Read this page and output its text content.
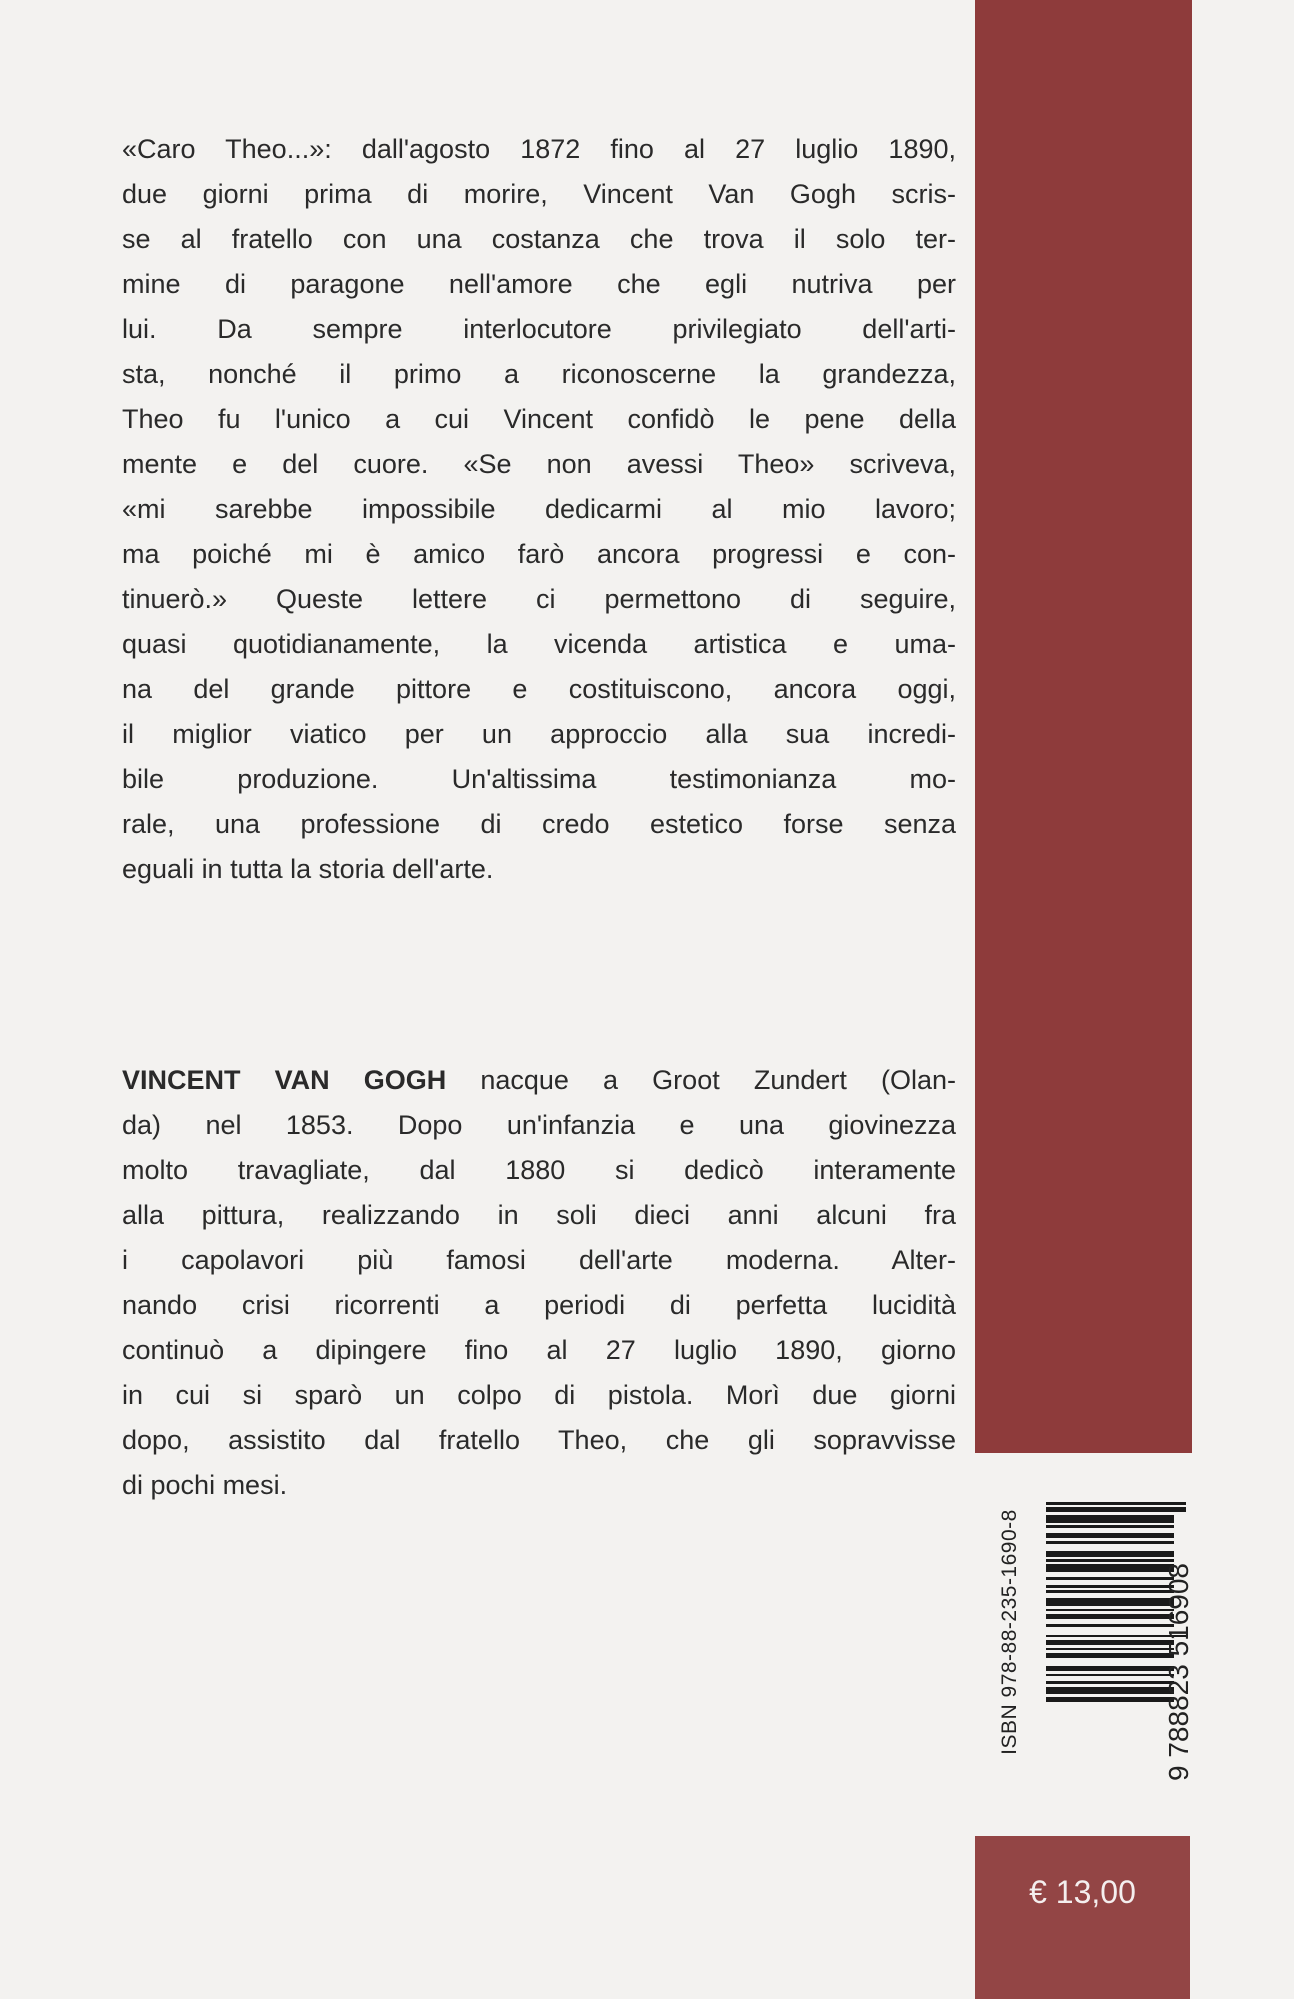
«Caro Theo...»: dall'agosto 1872 fino al 27 luglio 1890,
due giorni prima di morire, Vincent Van Gogh scris-
se al fratello con una costanza che trova il solo ter-
mine di paragone nell'amore che egli nutriva per
lui. Da sempre interlocutore privilegiato dell'arti-
sta, nonché il primo a riconoscerne la grandezza,
Theo fu l'unico a cui Vincent confidò le pene della
mente e del cuore. «Se non avessi Theo» scriveva,
«mi sarebbe impossibile dedicarmi al mio lavoro;
ma poiché mi è amico farò ancora progressi e con-
tinuerò.» Queste lettere ci permettono di seguire,
quasi quotidianamente, la vicenda artistica e uma-
na del grande pittore e costituiscono, ancora oggi,
il miglior viatico per un approccio alla sua incredi-
bile produzione. Un'altissima testimonianza mo-
rale, una professione di credo estetico forse senza
eguali in tutta la storia dell'arte.
VINCENT VAN GOGH nacque a Groot Zundert (Olan-
da) nel 1853. Dopo un'infanzia e una giovinezza
molto travagliate, dal 1880 si dedicò interamente
alla pittura, realizzando in soli dieci anni alcuni fra
i capolavori più famosi dell'arte moderna. Alter-
nando crisi ricorrenti a periodi di perfetta lucidità
continuò a dipingere fino al 27 luglio 1890, giorno
in cui si sparò un colpo di pistola. Morì due giorni
dopo, assistito dal fratello Theo, che gli sopravvisse
di pochi mesi.
ISBN 978-88-235-1690-8	9 788823 516908
€ 13,00
